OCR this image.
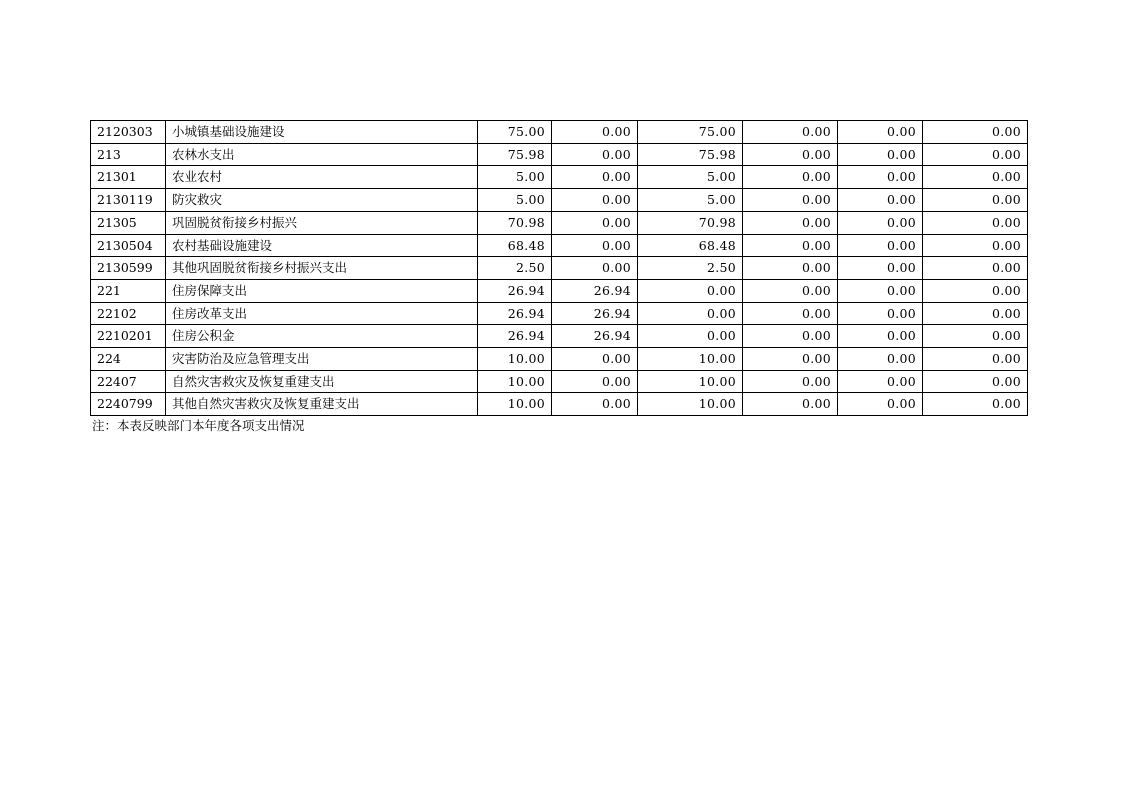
2120303	小城镇基础设施建设	75.00	0.00	75.00	0.00	0.00	0.00
213	农林水支出	75.98	0.00	75.98	0.00	0.00	0.00
21301	农业农村	5.00	0.00	5.00	0.00	0.00	0.00
2130119	防灾救灾	5.00	0.00	5.00	0.00	0.00	0.00
21305	巩固脱贫衔接乡村振兴	70.98	0.00	70.98	0.00	0.00	0.00
2130504	农村基础设施建设	68.48	0.00	68.48	0.00	0.00	0.00
2130599	其他巩固脱贫衔接乡村振兴支出	2.50	0.00	2.50	0.00	0.00	0.00
221	住房保障支出	26.94	26.94	0.00	0.00	0.00	0.00
22102	住房改革支出	26.94	26.94	0.00	0.00	0.00	0.00
2210201	住房公积金	26.94	26.94	0.00	0.00	0.00	0.00
224	灾害防治及应急管理支出	10.00	0.00	10.00	0.00	0.00	0.00
22407	自然灾害救灾及恢复重建支出	10.00	0.00	10.00	0.00	0.00	0.00
2240799	其他自然灾害救灾及恢复重建支出	10.00	0.00	10.00	0.00	0.00	0.00
注：本表反映部门本年度各项支出情况
